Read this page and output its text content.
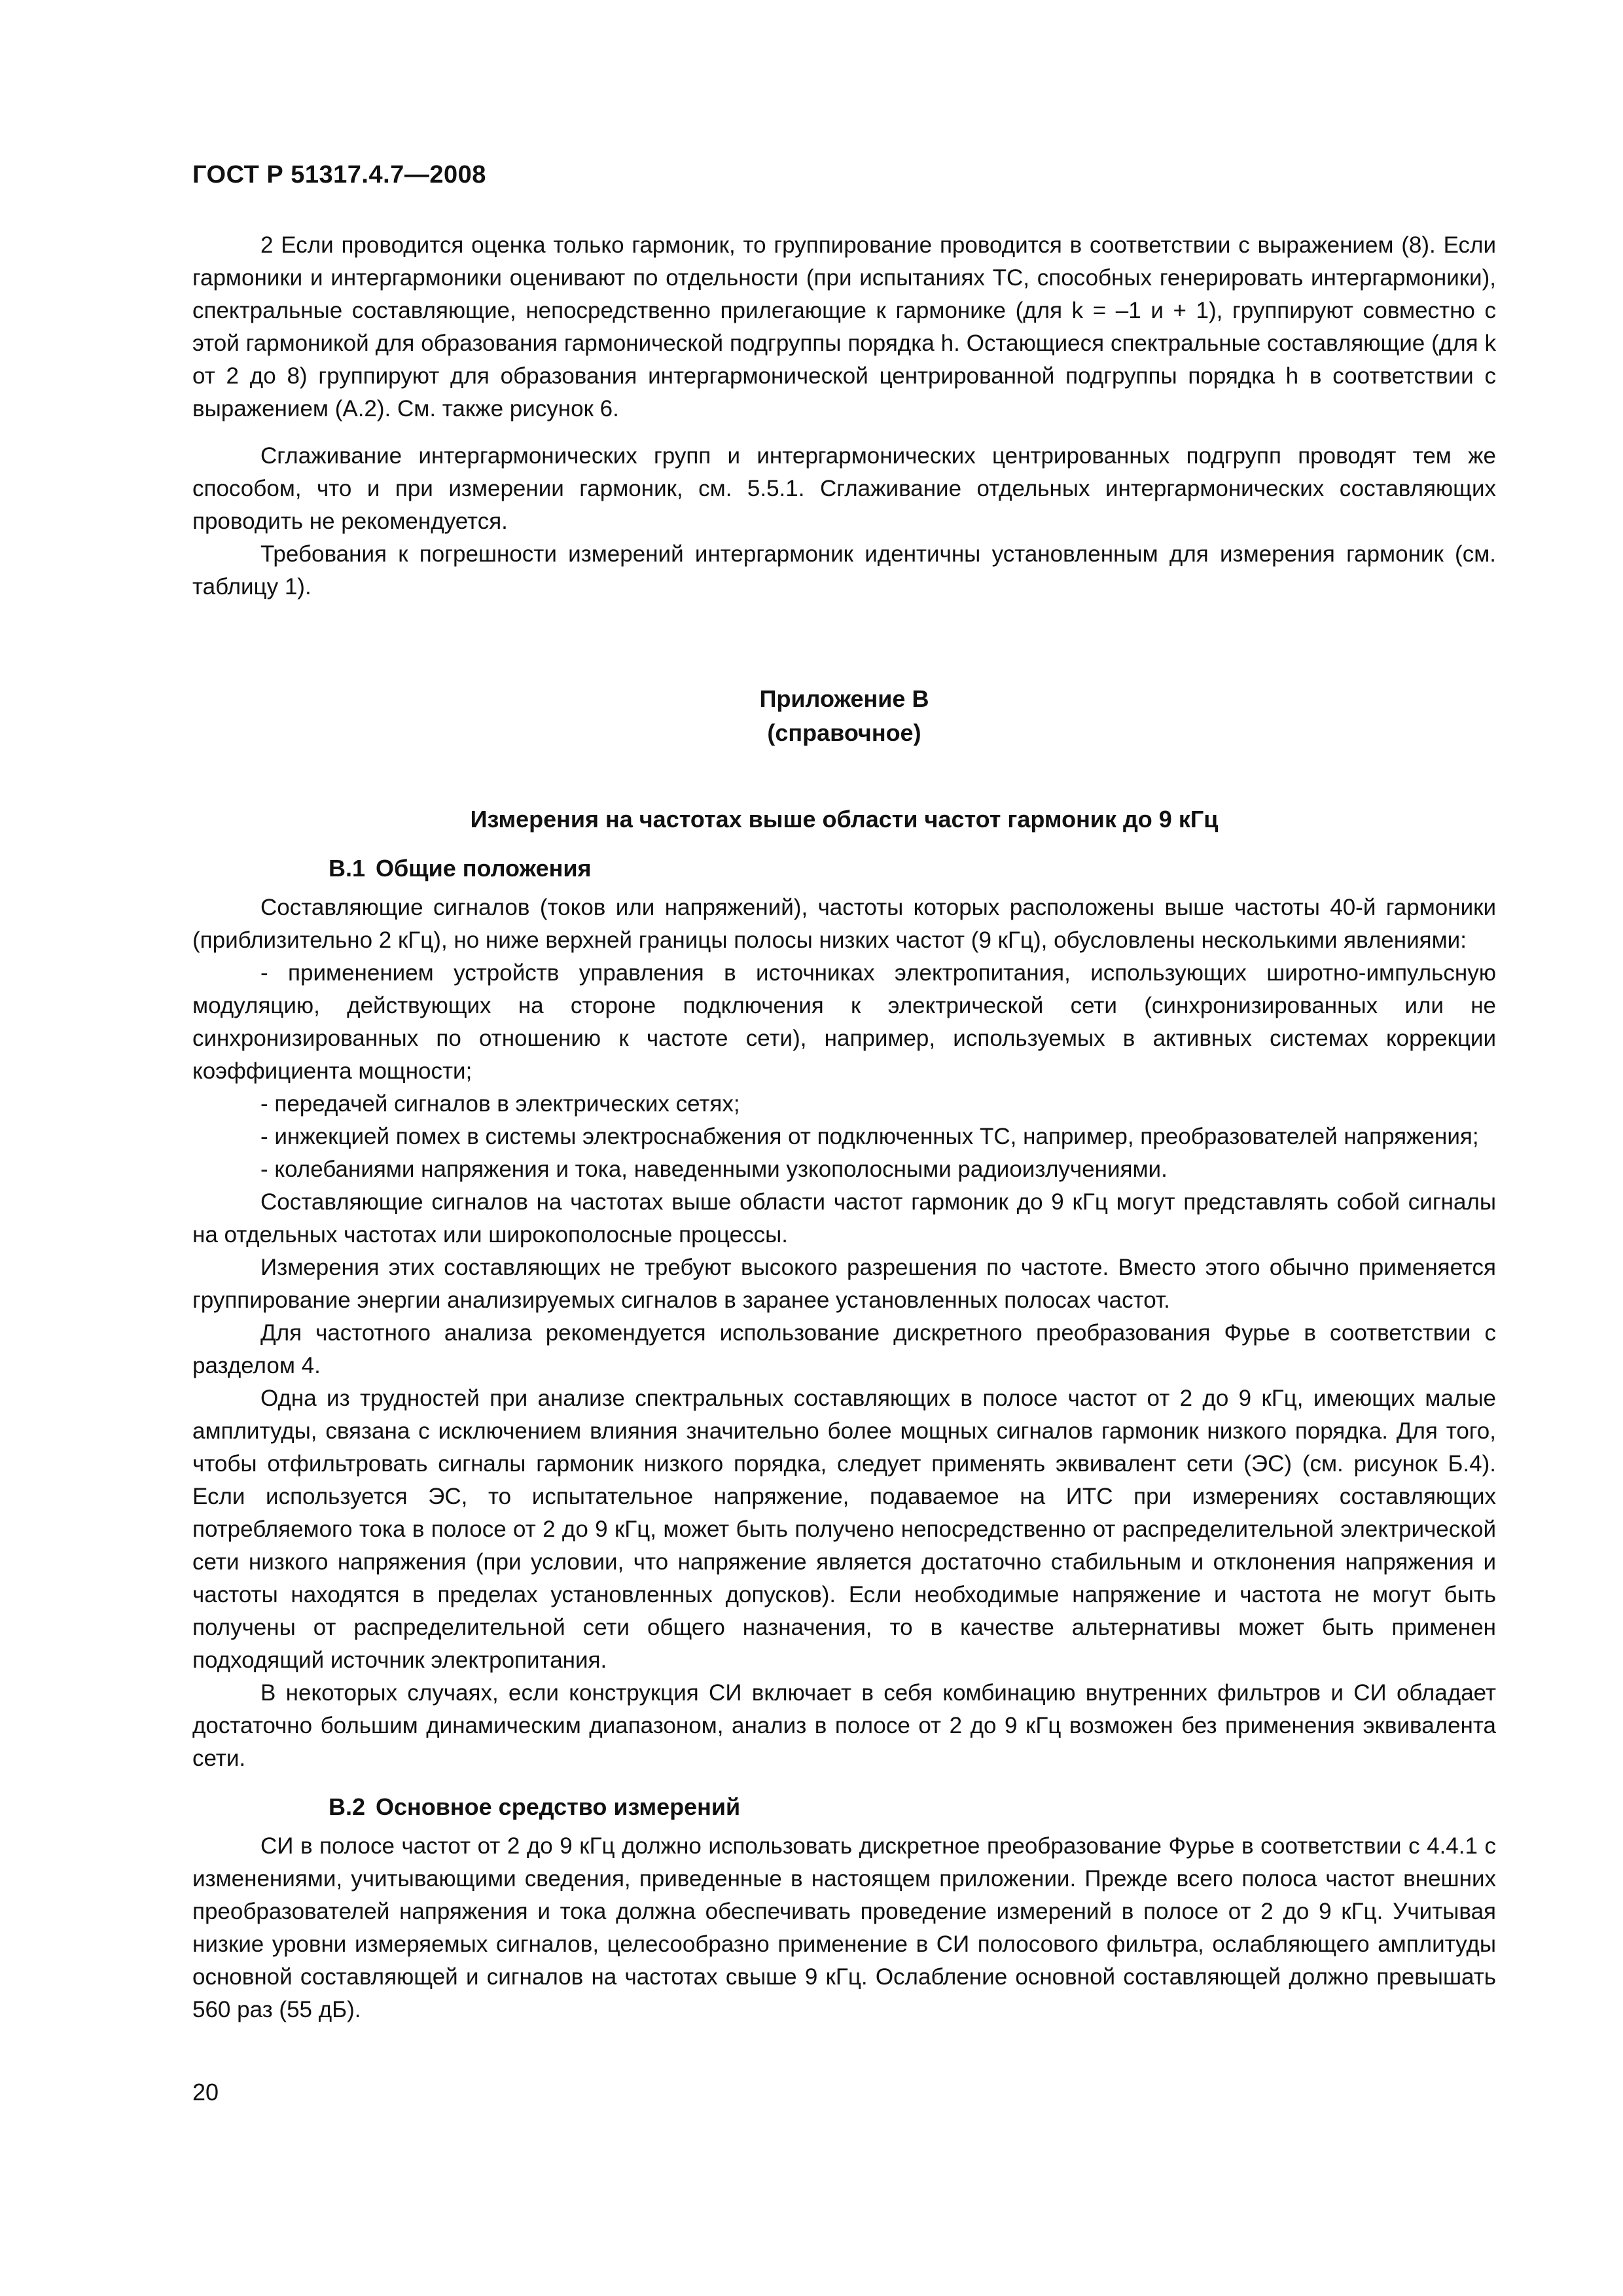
ГОСТ Р 51317.4.7—2008

2 Если проводится оценка только гармоник, то группирование проводится в соответствии с выражением (8). Если гармоники и интергармоники оценивают по отдельности (при испытаниях ТС, способных генерировать интергармоники), спектральные составляющие, непосредственно прилегающие к гармонике (для k = –1 и + 1), группируют совместно с этой гармоникой для образования гармонической подгруппы порядка h. Остающиеся спектральные составляющие (для k от 2 до 8) группируют для образования интергармонической центрированной подгруппы порядка h в соответствии с выражением (А.2). См. также рисунок 6.

Сглаживание интергармонических групп и интергармонических центрированных подгрупп проводят тем же способом, что и при измерении гармоник, см. 5.5.1. Сглаживание отдельных интергармонических составляющих проводить не рекомендуется.

Требования к погрешности измерений интергармоник идентичны установленным для измерения гармоник (см. таблицу 1).

Приложение В
(справочное)
Измерения на частотах выше области частот гармоник до 9 кГц
В.1 Общие положения

Составляющие сигналов (токов или напряжений), частоты которых расположены выше частоты 40-й гармоники (приблизительно 2 кГц), но ниже верхней границы полосы низких частот (9 кГц), обусловлены несколькими явлениями:

- применением устройств управления в источниках электропитания, использующих широтно-импульсную модуляцию, действующих на стороне подключения к электрической сети (синхронизированных или не синхронизированных по отношению к частоте сети), например, используемых в активных системах коррекции коэффициента мощности;

- передачей сигналов в электрических сетях;

- инжекцией помех в системы электроснабжения от подключенных ТС, например, преобразователей напряжения;

- колебаниями напряжения и тока, наведенными узкополосными радиоизлучениями.

Составляющие сигналов на частотах выше области частот гармоник до 9 кГц могут представлять собой сигналы на отдельных частотах или широкополосные процессы.

Измерения этих составляющих не требуют высокого разрешения по частоте. Вместо этого обычно применяется группирование энергии анализируемых сигналов в заранее установленных полосах частот.

Для частотного анализа рекомендуется использование дискретного преобразования Фурье в соответствии с разделом 4.

Одна из трудностей при анализе спектральных составляющих в полосе частот от 2 до 9 кГц, имеющих малые амплитуды, связана с исключением влияния значительно более мощных сигналов гармоник низкого порядка. Для того, чтобы отфильтровать сигналы гармоник низкого порядка, следует применять эквивалент сети (ЭС) (см. рисунок Б.4). Если используется ЭС, то испытательное напряжение, подаваемое на ИТС при измерениях составляющих потребляемого тока в полосе от 2 до 9 кГц, может быть получено непосредственно от распределительной электрической сети низкого напряжения (при условии, что напряжение является достаточно стабильным и отклонения напряжения и частоты находятся в пределах установленных допусков). Если необходимые напряжение и частота не могут быть получены от распределительной сети общего назначения, то в качестве альтернативы может быть применен подходящий источник электропитания.

В некоторых случаях, если конструкция СИ включает в себя комбинацию внутренних фильтров и СИ обладает достаточно большим динамическим диапазоном, анализ в полосе от 2 до 9 кГц возможен без применения эквивалента сети.

В.2 Основное средство измерений

СИ в полосе частот от 2 до 9 кГц должно использовать дискретное преобразование Фурье в соответствии с 4.4.1 с изменениями, учитывающими сведения, приведенные в настоящем приложении. Прежде всего полоса частот внешних преобразователей напряжения и тока должна обеспечивать проведение измерений в полосе от 2 до 9 кГц. Учитывая низкие уровни измеряемых сигналов, целесообразно применение в СИ полосового фильтра, ослабляющего амплитуды основной составляющей и сигналов на частотах свыше 9 кГц. Ослабление основной составляющей должно превышать 560 раз (55 дБ).

20
